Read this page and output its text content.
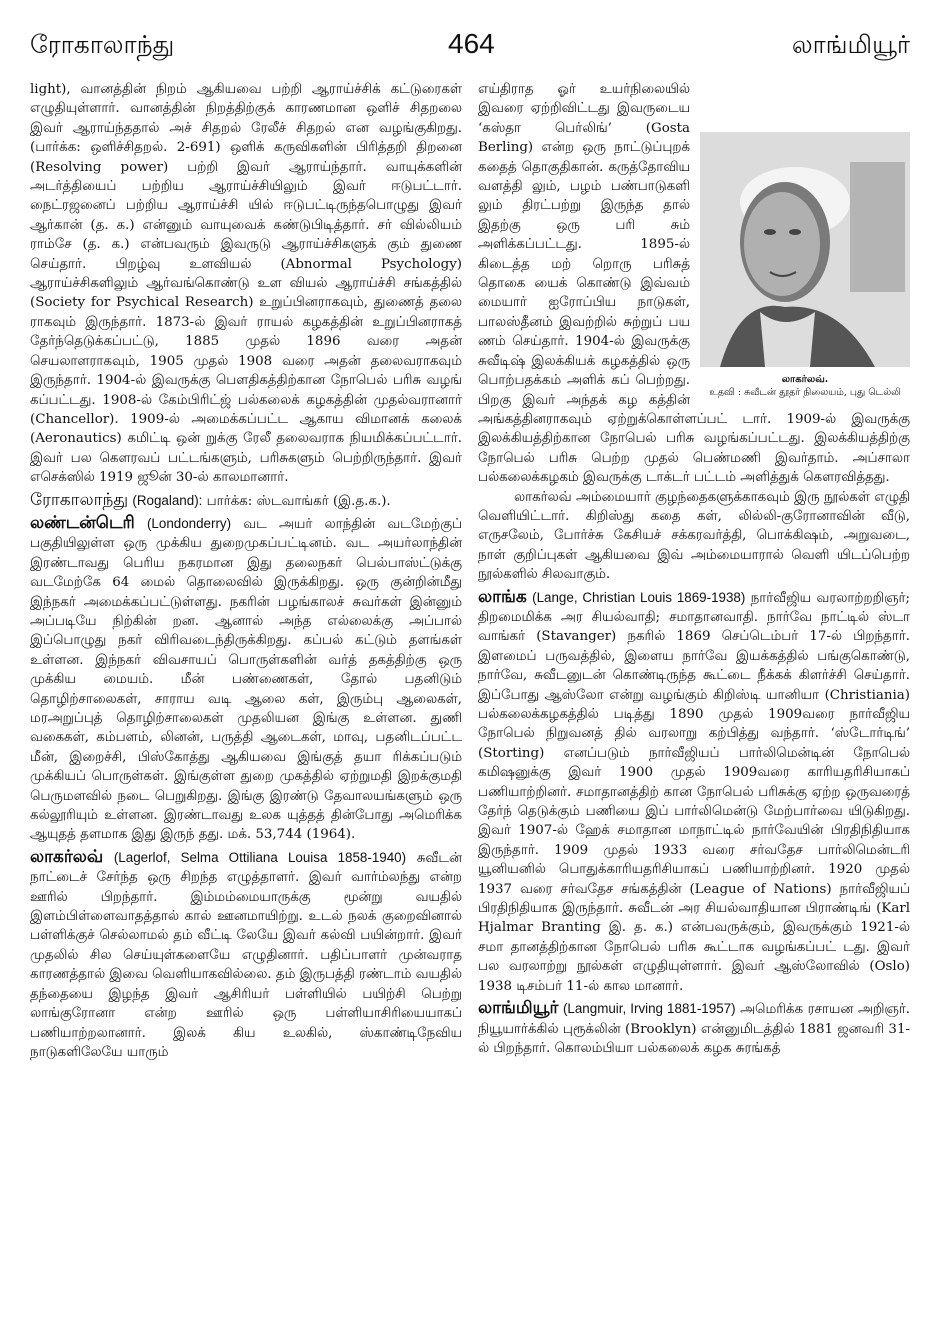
ரோகாலாந்து	464	லாங்மியூர்

light), வானத்தின் நிறம் ஆகியவை பற்றி ஆராய்ச்சிக் கட்டுரைகள் எழுதியுள்ளார். வானத்தின் நிறத்திற்குக் காரணமான ஒளிச் சிதறலை இவர் ஆராய்ந்ததால் அச் சிதறல் ரேலீச் சிதறல் என வழங்குகிறது. (பார்க்க: ஒளிச்சிதறல். 2-691) ஒளிக் கருவிகளின் பிரித்தறி திறனை (Resolving power) பற்றி இவர் ஆராய்ந்தார். வாயுக்களின் அடர்த்தியைப் பற்றிய ஆராய்ச்சியிலும் இவர் ஈடுபட்டார். நைட்ரஜனைப் பற்றிய ஆராய்ச்சி யில் ஈடுபட்டிருந்தபொழுது இவர் ஆர்கான் (த. க.) என்னும் வாயுவைக் கண்டுபிடித்தார். சர் வில்லியம் ராம்சே (த. க.) என்பவரும் இவருடு ஆராய்ச்சிகளுக் கும் துணை செய்தார். பிறழ்வு உளவியல் (Abnormal Psychology) ஆராய்ச்சிகளிலும் ஆர்வங்கொண்டு உள வியல் ஆராய்ச்சி சங்கத்தில் (Society for Psychical Research) உறுப்பினராகவும், துணைத் தலை ராகவும் இருந்தார். 1873-ல் இவர் ராயல் கழகத்தின் உறுப்பினராகத் தேர்ந்தெடுக்கப்பட்டு, 1885 முதல் 1896 வரை அதன் செயலாளராகவும், 1905 முதல் 1908 வரை அதன் தலைவராகவும் இருந்தார். 1904-ல் இவருக்கு பௌதிகத்திற்கான நோபெல் பரிசு வழங் கப்பட்டது. 1908-ல் கேம்பிரிட்ஜ் பல்கலைக் கழகத்தின் முதல்வரானார் (Chancellor). 1909-ல் அமைக்கப்பட்ட ஆகாய விமானக் கலைக் (Aeronautics) கமிட்டி ஒன் றுக்கு ரேலீ தலைவராக நியமிக்கப்பட்டார். இவர் பல கௌரவப் பட்டங்களும், பரிசுகளும் பெற்றிருந்தார். இவர் எசெக்ஸில் 1919 ஜூன் 30-ல் காலமானார்.

ரோகாலாந்து (Rogaland): பார்க்க: ஸ்டவாங்கர் (இ.த.க.).

லண்டன்டெரி (Londonderry) வட அயர் லாந்தின் வடமேற்குப் பகுதியிலுள்ள ஒரு முக்கிய துறைமுகப்பட்டினம். வட அயர்லாந்தின் இரண்டாவது பெரிய நகரமான இது தலைநகர் பெல்பாஸ்ட்டுக்கு வடமேற்கே 64 மைல் தொலைவில் இருக்கிறது. ஒரு குன்றின்மீது இந்நகர் அமைக்கப்பட்டுள்ளது. நகரின் பழங்காலச் சுவர்கள் இன்னும் அப்படியே நிற்கின் றன. ஆனால் அந்த எல்லைக்கு அப்பால் இப்பொழுது நகர் விரிவடைந்திருக்கிறது. கப்பல் கட்டும் தளங்கள் உள்ளன. இந்நகர் விவசாயப் பொருள்களின் வர்த் தகத்திற்கு ஒரு முக்கிய மையம். மீன் பண்ணைகள், தோல் பதனிடும் தொழிற்சாலைகள், சாராய வடி ஆலை கள், இரும்பு ஆலைகள், மரஅறுப்புத் தொழிற்சாலைகள் முதலியன இங்கு உள்ளன. துணி வகைகள், கம்பளம், லினன், பருத்தி ஆடைகள், மாவு, பதனிடப்பட்ட மீன், இறைச்சி, பிஸ்கோத்து ஆகியவை இங்குத் தயா ரிக்கப்படும் முக்கியப் பொருள்கள். இங்குள்ள துறை முகத்தில் ஏற்றுமதி இறக்குமதி பெருமளவில் நடை பெறுகிறது. இங்கு இரண்டு தேவாலயங்களும் ஒரு கல்லூரியும் உள்ளன. இரண்டாவது உலக யுத்தத் தின்போது அமெரிக்க ஆயுதத் தளமாக இது இருந் தது. மக். 53,744 (1964).

லாகர்லவ் (Lagerlof, Selma Ottiliana Louisa 1858-1940) சுவீடன் நாட்டைச் சேர்ந்த ஒரு சிறந்த எழுத்தாளர். இவர் வார்ம்லந்து என்ற ஊரில் பிறந்தார். இம்மம்மையாருக்கு மூன்று வயதில் இளம்பிள்ளைவாதத்தால் கால் ஊனமாயிற்று. உடல் நலக் குறைவினால் பள்ளிக்குச் செல்லாமல் தம் வீட்டி லேயே இவர் கல்வி பயின்றார். இவர் முதலில் சில செய்யுள்களையே எழுதினார். பதிப்பாளர் முன்வராத காரணத்தால் இவை வெளியாகவில்லை. தம் இருபத்தி ரண்டாம் வயதில் தந்தையை இழந்த இவர் ஆசிரியர் பள்ளியில் பயிற்சி பெற்று லாங்குரோனா என்ற ஊரில் ஒரு பள்ளியாசிரியையாகப் பணியாற்றலானார். இலக் கிய உலகில், ஸ்காண்டிநேவிய நாடுகளிலேயே யாரும்

லாகர்லவ்.
உதவி : சுவீடன் தூதர் நிலையம், புது டெல்லி

எய்திராத ஓர் உயர்நிலையில் இவரை ஏற்றிவிட்டது இவருடைய ‘கஸ்தா பெர்லிங்’ (Gosta Berling) என்ற ஒரு நாட்டுப்புறக் கதைத் தொகுதிகான். கருத்தோவிய வளத்தி லும், பழம் பண்பாடுகளி லும் திரட்பற்று இருந்த தால் இதற்கு ஒரு பரி சும் அளிக்கப்பட்டது. 1895-ல் கிடைத்த மற் றொரு பரிசுத் தொகை யைக் கொண்டு இவ்வம் மையார் ஐரோப்பிய நாடுகள், பாலஸ்தீனம் இவற்றில் சுற்றுப் பய ணம் செய்தார். 1904-ல் இவருக்கு சுவீடிஷ் இலக்கியக் கழகத்தில் ஒரு பொற்பதக்கம் அளிக் கப் பெற்றது. பிறகு இவர் அந்தக் கழ கத்தின் அங்கத்தினராகவும் ஏற்றுக்கொள்ளப்பட் டார். 1909-ல் இவருக்கு இலக்கியத்திற்கான நோபெல் பரிசு வழங்கப்பட்டது. இலக்கியத்திற்கு நோபெல் பரிசு பெற்ற முதல் பெண்மணி இவர்தாம். அப்சாலா பல்கலைக்கழகம் இவருக்கு டாக்டர் பட்டம் அளித்துக் கௌரவித்தது.

லாகர்லவ் அம்மையார் குழந்தைகளுக்காகவும் இரு நூல்கள் எழுதி வெளியிட்டார். கிறிஸ்து கதை கள், லில்லி-குரோனாவின் வீடு, எருசலேம், போர்ச்சு கேசியச் சக்கரவர்த்தி, பொக்கிஷம், அறுவடை, நாள் குறிப்புகள் ஆகியவை இவ் அம்மையாரால் வெளி யிடப்பெற்ற நூல்களில் சிலவாகும்.

லாங்க (Lange, Christian Louis 1869-1938) நார்வீஜிய வரலாற்றறிஞர்; திறமைமிக்க அர சியல்வாதி; சமாதானவாதி. நார்வே நாட்டில் ஸ்டா வாங்கர் (Stavanger) நகரில் 1869 செப்டெம்பர் 17-ல் பிறந்தார். இளமைப் பருவத்தில், இளைய நார்வே இயக்கத்தில் பங்குகொண்டு, நார்வே, சுவீடனுடன் கொண்டிருந்த கூட்டை நீக்கக் கிளர்ச்சி செய்தார். இப்போது ஆஸ்லோ என்று வழங்கும் கிறிஸ்டி யானியா (Christiania) பல்கலைக்கழகத்தில் படித்து 1890 முதல் 1909வரை நார்வீஜிய நோபெல் நிறுவனத் தில் வரலாறு கற்பித்து வந்தார். ‘ஸ்டோர்டிங்’ (Storting) எனப்படும் நார்வீஜியப் பார்லிமென்டின் நோபெல் கமிஷனுக்கு இவர் 1900 முதல் 1909வரை காரியதரிசியாகப் பணியாற்றினர். சமாதானத்திற் கான நோபெல் பரிசுக்கு ஏற்ற ஒருவரைத் தேர்ந் தெடுக்கும் பணியை இப் பார்லிமென்டு மேற்பார்வை யிடுகிறது. இவர் 1907-ல் ஹேக் சமாதான மாநாட்டில் நார்வேயின் பிரதிநிதியாக இருந்தார். 1909 முதல் 1933 வரை சர்வதேச பார்லிமென்டரி யூனியனில் பொதுக்காரியதரிசியாகப் பணியாற்றினர். 1920 முதல் 1937 வரை சர்வதேச சங்கத்தின் (League of Nations) நார்வீஜியப் பிரதிநிதியாக இருந்தார். சுவீடன் அர சியல்வாதியான பிராண்டிங் (Karl Hjalmar Branting இ. த. க.) என்பவருக்கும், இவருக்கும் 1921-ல் சமா தானத்திற்கான நோபெல் பரிசு கூட்டாக வழங்கப்பட் டது. இவர் பல வரலாற்று நூல்கள் எழுதியுள்ளார். இவர் ஆஸ்லோவில் (Oslo) 1938 டிசம்பர் 11-ல் கால மானார்.

லாங்மியூர் (Langmuir, Irving 1881-1957) அமெரிக்க ரசாயன அறிஞர். நியூயார்க்கில் புரூக்லின் (Brooklyn) என்னுமிடத்தில் 1881 ஜனவரி 31-ல் பிறந்தார். கொலம்பியா பல்கலைக் கழக சுரங்கத்
